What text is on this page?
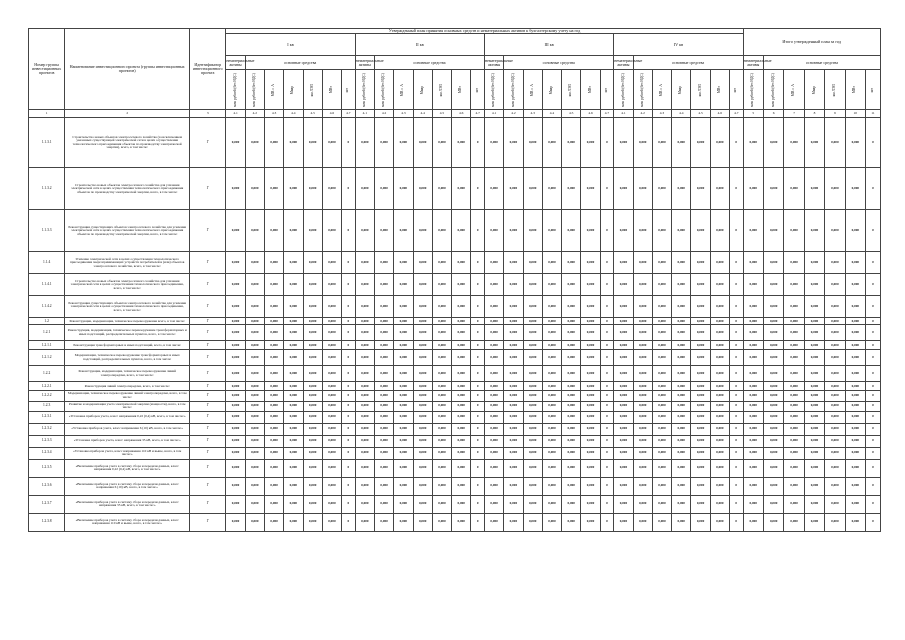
Номер группы инвестиционных проектов	Наименование инвестиционного проекта (группы инвестиционных проектов)	Идентификатор инвестиционного проекта	Утвержденный план принятия основных средств и нематериальных активов к бухгалтерскому учету на год																												Итого утвержденный план за год						
			I кв							II кв							III кв							IV кв													
			нематериальные активы	основные средства						нематериальные активы	основные средства						нематериальные активы	основные средства						нематериальные активы	основные средства						нематериальные активы	основные средства					

			млн рублей (без НДС)	млн рублей (без НДС)	МВ×А	Мвар	км ЛЭП	МВт	шт	млн рублей (без НДС)	млн рублей (без НДС)	МВ×А	Мвар	км ЛЭП	МВт	шт	млн рублей (без НДС)	млн рублей (без НДС)	МВ×А	Мвар	км ЛЭП	МВт	шт	млн рублей (без НДС)	млн рублей (без НДС)	МВ×А	Мвар	км ЛЭП	МВт	шт	млн рублей (без НДС)	млн рублей (без НДС)	МВ×А	Мвар	км ЛЭП	МВт	шт

1	2	3	4.1	4.2	4.3	4.4	4.5	4.6	4.7	4.1	4.2	4.3	4.4	4.5	4.6	4.7	4.1	4.2	4.3	4.4	4.5	4.6	4.7	4.1	4.2	4.3	4.4	4.5	4.6	4.7	5	6	7	8	9	10	11
1.1.3.1	Строительство новых объектов электросетевого хозяйства (за исключением указанных существующей электрической сети в целях осуществления технологического присоединения объектов по производству электрической энергии), всего, в том числе:	Г	0,000	0,000	0,000	0,000	0,000	0,000	0	0,000	0,000	0,000	0,000	0,000	0,000	0	0,000	0,000	0,000	0,000	0,000	0,000	0	0,000	0,000	0,000	0,000	0,000	0,000	0	0,000	0,000	0,000	0,000	0,000	0,000	0
1.1.3.2	Строительство новых объектов электросетевого хозяйства для усиления электрической сети в целях осуществления технологического присоединения объектов по производству электрической энергии, всего, в том числе:	Г	0,000	0,000	0,000	0,000	0,000	0,000	0	0,000	0,000	0,000	0,000	0,000	0,000	0	0,000	0,000	0,000	0,000	0,000	0,000	0	0,000	0,000	0,000	0,000	0,000	0,000	0	0,000	0,000	0,000	0,000	0,000	0,000	0
1.1.3.3	Реконструкция существующих объектов электросетевого хозяйства для усиления электрической сети в целях осуществления технологического присоединения объектов по производству электрической энергии, всего, в том числе:	Г	0,000	0,000	0,000	0,000	0,000	0,000	0	0,000	0,000	0,000	0,000	0,000	0,000	0	0,000	0,000	0,000	0,000	0,000	0,000	0	0,000	0,000	0,000	0,000	0,000	0,000	0	0,000	0,000	0,000	0,000	0,000	0,000	0
1.1.4	Усиление электрической сети в целях осуществления технологического присоединения энергопринимающих устройств потребителей и (или) объектов электросетевого хозяйства, всего, в том числе:	Г	0,000	0,000	0,000	0,000	0,000	0,000	0	0,000	0,000	0,000	0,000	0,000	0,000	0	0,000	0,000	0,000	0,000	0,000	0,000	0	0,000	0,000	0,000	0,000	0,000	0,000	0	0,000	0,000	0,000	0,000	0,000	0,000	0
1.1.4.1	Строительство новых объектов электросетевого хозяйства для усиления электрической сети в целях осуществления технологического присоединения, всего, в том числе:	Г	0,000	0,000	0,000	0,000	0,000	0,000	0	0,000	0,000	0,000	0,000	0,000	0,000	0	0,000	0,000	0,000	0,000	0,000	0,000	0	0,000	0,000	0,000	0,000	0,000	0,000	0	0,000	0,000	0,000	0,000	0,000	0,000	0
1.1.4.2	Реконструкция существующих объектов электросетевого хозяйства для усиления электрической сети в целях осуществления технологического присоединения, всего, в том числе:	Г	0,000	0,000	0,000	0,000	0,000	0,000	0	0,000	0,000	0,000	0,000	0,000	0,000	0	0,000	0,000	0,000	0,000	0,000	0,000	0	0,000	0,000	0,000	0,000	0,000	0,000	0	0,000	0,000	0,000	0,000	0,000	0,000	0
1.2	Реконструкция, модернизация, техническое перевооружение всего, в том числе:	Г	0,000	0,000	0,000	0,000	0,000	0,000	0	0,000	0,000	0,000	0,000	0,000	0,000	0	0,000	0,000	0,000	0,000	0,000	0,000	0	0,000	0,000	0,000	0,000	0,000	0,000	0	0,000	0,000	0,000	0,000	0,000	0,000	0
1.2.1	Реконструкция, модернизация, техническое перевооружение трансформаторных и иных подстанций, распределительных пунктов, всего, в том числе:	Г	0,000	0,000	0,000	0,000	0,000	0,000	0	0,000	0,000	0,000	0,000	0,000	0,000	0	0,000	0,000	0,000	0,000	0,000	0,000	0	0,000	0,000	0,000	0,000	0,000	0,000	0	0,000	0,000	0,000	0,000	0,000	0,000	0
1.2.1.1	Реконструкция трансформаторных и иных подстанций, всего, в том числе:	Г	0,000	0,000	0,000	0,000	0,000	0,000	0	0,000	0,000	0,000	0,000	0,000	0,000	0	0,000	0,000	0,000	0,000	0,000	0,000	0	0,000	0,000	0,000	0,000	0,000	0,000	0	0,000	0,000	0,000	0,000	0,000	0,000	0
1.2.1.2	Модернизация, техническое перевооружение трансформаторных и иных подстанций, распределительных пунктов, всего, в том числе:	Г	0,000	0,000	0,000	0,000	0,000	0,000	0	0,000	0,000	0,000	0,000	0,000	0,000	0	0,000	0,000	0,000	0,000	0,000	0,000	0	0,000	0,000	0,000	0,000	0,000	0,000	0	0,000	0,000	0,000	0,000	0,000	0,000	0
1.2.2	Реконструкция, модернизация, техническое перевооружение линий электропередачи, всего, в том числе:	Г	0,000	0,000	0,000	0,000	0,000	0,000	0	0,000	0,000	0,000	0,000	0,000	0,000	0	0,000	0,000	0,000	0,000	0,000	0,000	0	0,000	0,000	0,000	0,000	0,000	0,000	0	0,000	0,000	0,000	0,000	0,000	0,000	0
1.2.2.1	Реконструкция линий электропередачи, всего, в том числе:	Г	0,000	0,000	0,000	0,000	0,000	0,000	0	0,000	0,000	0,000	0,000	0,000	0,000	0	0,000	0,000	0,000	0,000	0,000	0,000	0	0,000	0,000	0,000	0,000	0,000	0,000	0	0,000	0,000	0,000	0,000	0,000	0,000	0
1.2.2.2	Модернизация, техническое перевооружение линий электропередачи, всего, в том числе:	Г	0,000	0,000	0,000	0,000	0,000	0,000	0	0,000	0,000	0,000	0,000	0,000	0,000	0	0,000	0,000	0,000	0,000	0,000	0,000	0	0,000	0,000	0,000	0,000	0,000	0,000	0	0,000	0,000	0,000	0,000	0,000	0,000	0
1.2.3	Развитие и модернизация учета электрической энергии (мощности), всего, в том числе:	Г	0,000	0,000	0,000	0,000	0,000	0,000	0	0,000	0,000	0,000	0,000	0,000	0,000	0	0,000	0,000	0,000	0,000	0,000	0,000	0	0,000	0,000	0,000	0,000	0,000	0,000	0	0,000	0,000	0,000	0,000	0,000	0,000	0
1.2.3.1	«Установка приборов учета, класс напряжения 0,22 (0,4) кВ, всего, в том числе:»	Г	0,000	0,000	0,000	0,000	0,000	0,000	0	0,000	0,000	0,000	0,000	0,000	0,000	0	0,000	0,000	0,000	0,000	0,000	0,000	0	0,000	0,000	0,000	0,000	0,000	0,000	0	0,000	0,000	0,000	0,000	0,000	0,000	0
1.2.3.2	«Установка приборов учета, класс напряжения 6 (10) кВ, всего, в том числе:»	Г	0,000	0,000	0,000	0,000	0,000	0,000	0	0,000	0,000	0,000	0,000	0,000	0,000	0	0,000	0,000	0,000	0,000	0,000	0,000	0	0,000	0,000	0,000	0,000	0,000	0,000	0	0,000	0,000	0,000	0,000	0,000	0,000	0
1.2.3.3	«Установка приборов учета, класс напряжения 35 кВ, всего, в том числе:»	Г	0,000	0,000	0,000	0,000	0,000	0,000	0	0,000	0,000	0,000	0,000	0,000	0,000	0	0,000	0,000	0,000	0,000	0,000	0,000	0	0,000	0,000	0,000	0,000	0,000	0,000	0	0,000	0,000	0,000	0,000	0,000	0,000	0
1.2.3.4	«Установка приборов учета, класс напряжения 110 кВ и выше, всего, в том числе:»	Г	0,000	0,000	0,000	0,000	0,000	0,000	0	0,000	0,000	0,000	0,000	0,000	0,000	0	0,000	0,000	0,000	0,000	0,000	0,000	0	0,000	0,000	0,000	0,000	0,000	0,000	0	0,000	0,000	0,000	0,000	0,000	0,000	0
1.2.3.5	«Включение приборов учета в систему сбора и передачи данных, класс напряжения 0,22 (0,4) кВ, всего, в том числе:»	Г	0,000	0,000	0,000	0,000	0,000	0,000	0	0,000	0,000	0,000	0,000	0,000	0,000	0	0,000	0,000	0,000	0,000	0,000	0,000	0	0,000	0,000	0,000	0,000	0,000	0,000	0	0,000	0,000	0,000	0,000	0,000	0,000	0
1.2.3.6	«Включение приборов учета в систему сбора и передачи данных, класс напряжения 6 (10) кВ, всего, в том числе:»	Г	0,000	0,000	0,000	0,000	0,000	0,000	0	0,000	0,000	0,000	0,000	0,000	0,000	0	0,000	0,000	0,000	0,000	0,000	0,000	0	0,000	0,000	0,000	0,000	0,000	0,000	0	0,000	0,000	0,000	0,000	0,000	0,000	0
1.2.3.7	«Включение приборов учета в систему сбора и передачи данных, класс напряжения 35 кВ, всего, в том числе:»	Г	0,000	0,000	0,000	0,000	0,000	0,000	0	0,000	0,000	0,000	0,000	0,000	0,000	0	0,000	0,000	0,000	0,000	0,000	0,000	0	0,000	0,000	0,000	0,000	0,000	0,000	0	0,000	0,000	0,000	0,000	0,000	0,000	0
1.2.3.8	«Включение приборов учета в систему сбора и передачи данных, класс напряжения 110 кВ и выше, всего, в том числе:»	Г	0,000	0,000	0,000	0,000	0,000	0,000	0	0,000	0,000	0,000	0,000	0,000	0,000	0	0,000	0,000	0,000	0,000	0,000	0,000	0	0,000	0,000	0,000	0,000	0,000	0,000	0	0,000	0,000	0,000	0,000	0,000	0,000	0
